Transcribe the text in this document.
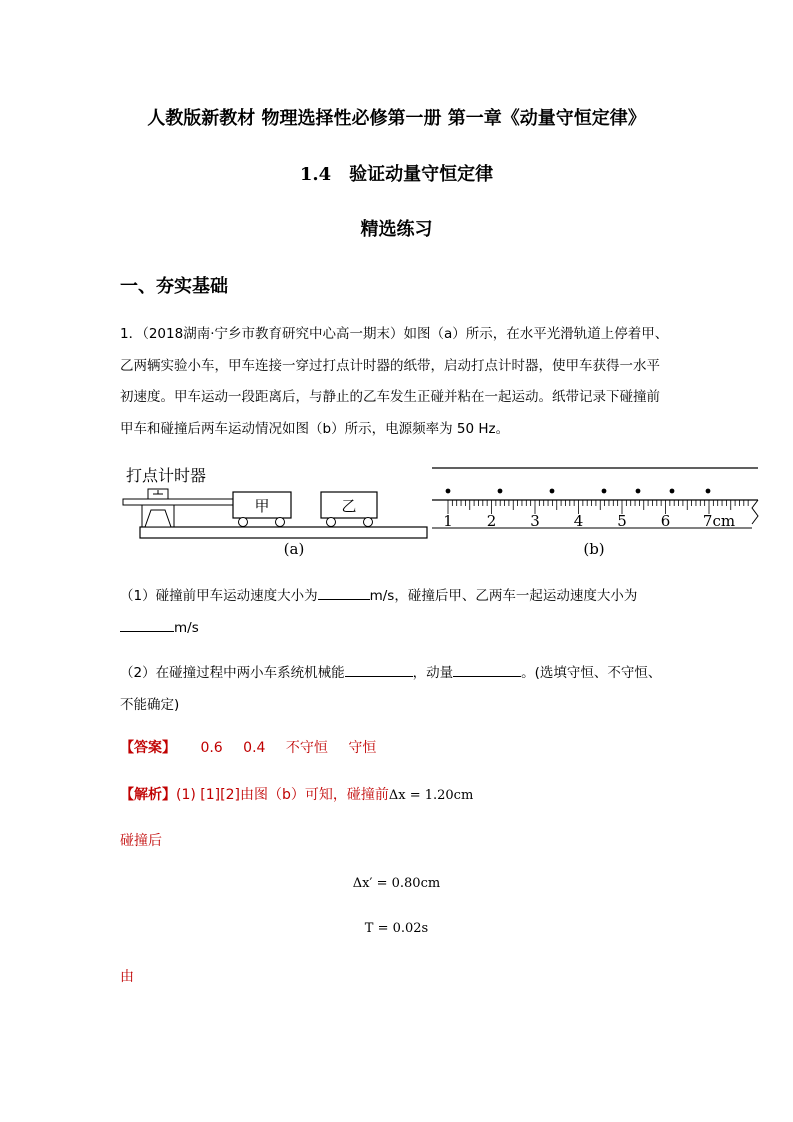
人教版新教材 物理选择性必修第一册 第一章《动量守恒定律》
1.4　验证动量守恒定律
精选练习
一、夯实基础
1．（2018湖南·宁乡市教育研究中心高一期末）如图（a）所示，在水平光滑轨道上停着甲、
乙两辆实验小车，甲车连接一穿过打点计时器的纸带，启动打点计时器，使甲车获得一水平
初速度。甲车运动一段距离后，与静止的乙车发生正碰并粘在一起运动。纸带记录下碰撞前
甲车和碰撞后两车运动情况如图（b）所示，电源频率为 50 Hz。
打点计时器
甲	乙
(a)
1 2 3 4 5 6 7cm
(b)
（1）碰撞前甲车运动速度大小为	m/s，碰撞后甲、乙两车一起运动速度大小为
m/s
（2）在碰撞过程中两小车系统机械能	，动量	。(选填守恒、不守恒、
不能确定)
【答案】 0.6 0.4 不守恒 守恒
【解析】(1) [1][2]由图（b）可知，碰撞前Δx = 1.20cm
碰撞后
Δx′ = 0.80cm
T = 0.02s
由
